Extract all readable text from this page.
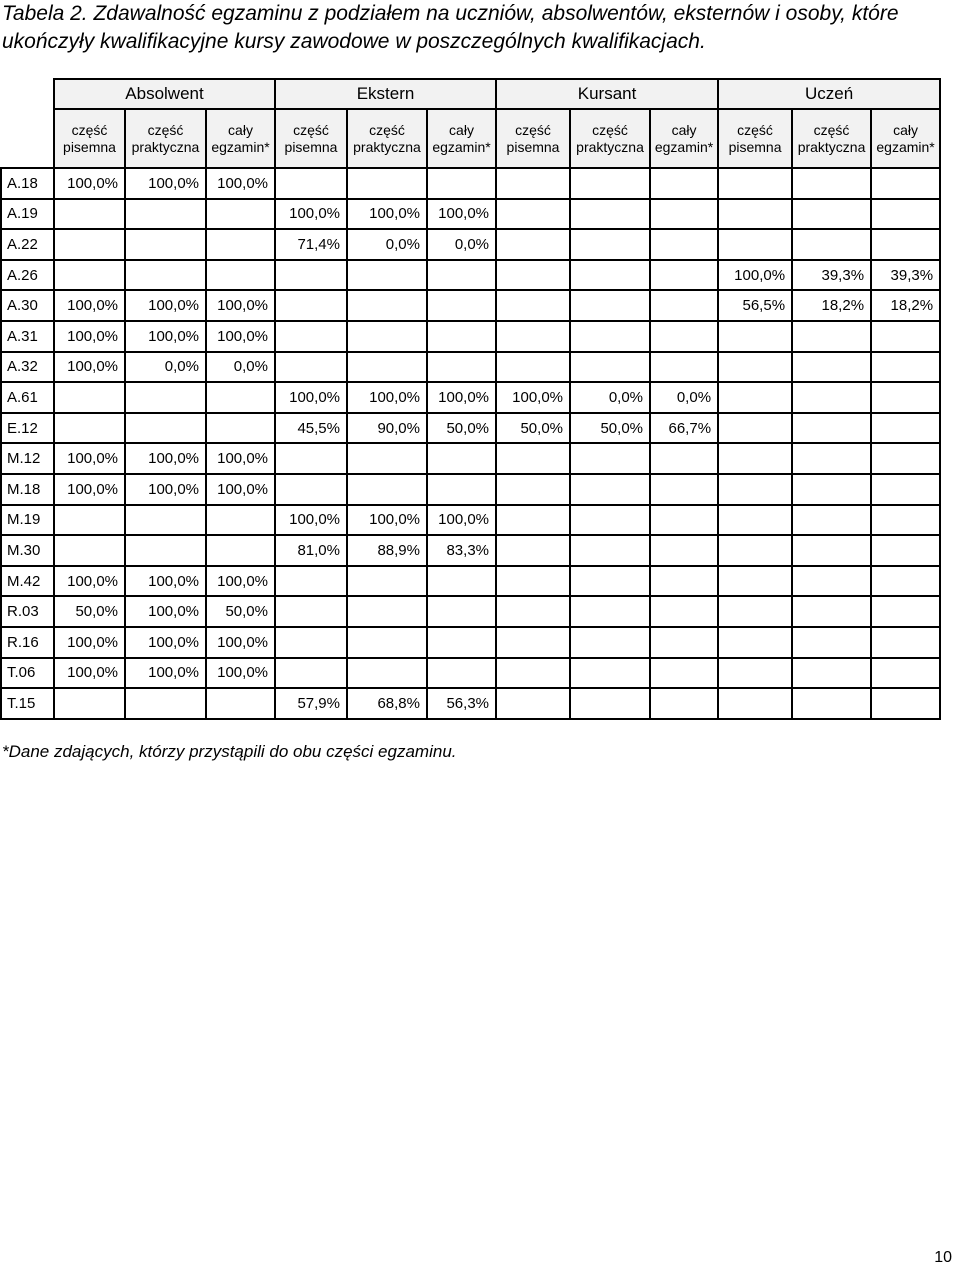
Tabela 2. Zdawalność egzaminu z podziałem na uczniów, absolwentów, eksternów i osoby, które ukończyły kwalifikacyjne kursy zawodowe w poszczególnych kwalifikacjach.
	Absolwent			Ekstern			Kursant			Uczeń		
	część pisemna	część praktyczna	cały egzamin*	część pisemna	część praktyczna	cały egzamin*	część pisemna	część praktyczna	cały egzamin*	część pisemna	część praktyczna	cały egzamin*
A.18	100,0%	100,0%	100,0%									
A.19				100,0%	100,0%	100,0%						
A.22				71,4%	0,0%	0,0%						
A.26										100,0%	39,3%	39,3%
A.30	100,0%	100,0%	100,0%							56,5%	18,2%	18,2%
A.31	100,0%	100,0%	100,0%									
A.32	100,0%	0,0%	0,0%									
A.61				100,0%	100,0%	100,0%	100,0%	0,0%	0,0%			
E.12				45,5%	90,0%	50,0%	50,0%	50,0%	66,7%			
M.12	100,0%	100,0%	100,0%									
M.18	100,0%	100,0%	100,0%									
M.19				100,0%	100,0%	100,0%						
M.30				81,0%	88,9%	83,3%						
M.42	100,0%	100,0%	100,0%									
R.03	50,0%	100,0%	50,0%									
R.16	100,0%	100,0%	100,0%									
T.06	100,0%	100,0%	100,0%									
T.15				57,9%	68,8%	56,3%						
*Dane zdających, którzy przystąpili do obu części egzaminu.
10
